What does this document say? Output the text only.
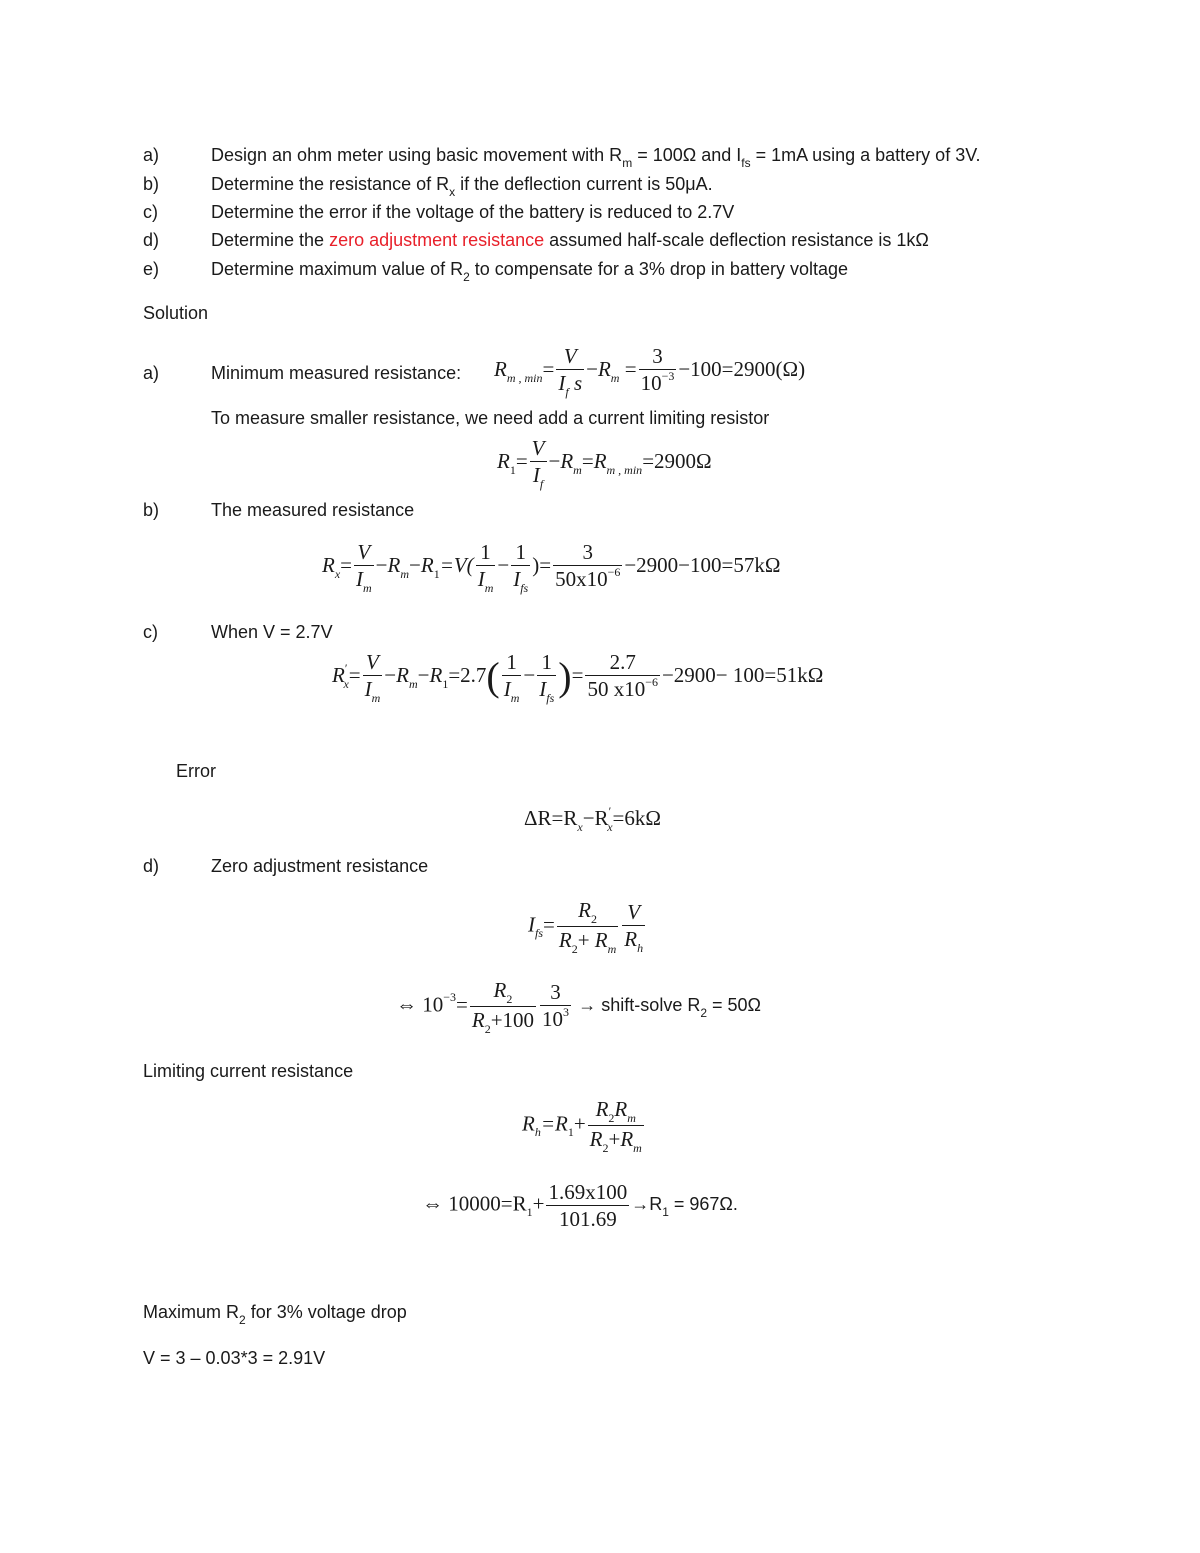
a)	Design an ohm meter using basic movement with $R_m = 100\Omega$ and $I_{fs} = 1mA$ using a battery of 3V.
b)	Determine the resistance of $R_x$ if the deflection current is 50μA.
c)	Determine the error if the voltage of the battery is reduced to 2.7V
d)	Determine the zero adjustment resistance assumed half-scale deflection resistance is 1kΩ
e)	Determine maximum value of $R_2$ to compensate for a 3% drop in battery voltage
Solution
a)	Minimum measured resistance: $R_{m , min}= \frac{V}{I_f s} -R_m = \frac{3}{10^{-3}} -100=2900(\Omega)$
To measure smaller resistance, we need add a current limiting resistor
$R_1= \frac{V}{I_f} -R_m=R_{m , min}=2900\Omega$
b)	The measured resistance
$R_x= \frac{V}{I_m} -R_m-R_1=V( \frac{1}{I_m} - \frac{1}{I_{fs}}$ )= $\frac{3}{50x10^{-6}} -2900-100=57k\Omega$
c)	When V = 2.7V
$R'_x= \frac{V}{I_m} -R_m-R_1=2.7( \frac{1}{I_m} - \frac{1}{I_{fs}}$ )= $\frac{2.7}{50 x10^{-6}} -2900- 100=51k\Omega$
Error
$\Delta R=R_x-R'_x=6k\Omega$
d)	Zero adjustment resistance
$I_{fs}= \frac{R_2}{R_2+ R_m} \frac{V}{R_h}$
⇔ $10^{-3}= \frac{R_2}{R_2+100} \frac{3}{10^3}$ → shift-solve $R_2 = 50\Omega$
Limiting current resistance
$R_h=R_1+ \frac{R_2R_m}{R_2+R_m}$
⇔ $10000=R_1+ \frac{1.69x100}{101.69} \to R_1 = 967\Omega$.
Maximum $R_2$ for 3% voltage drop
V = 3 – 0.03*3 = 2.91V
